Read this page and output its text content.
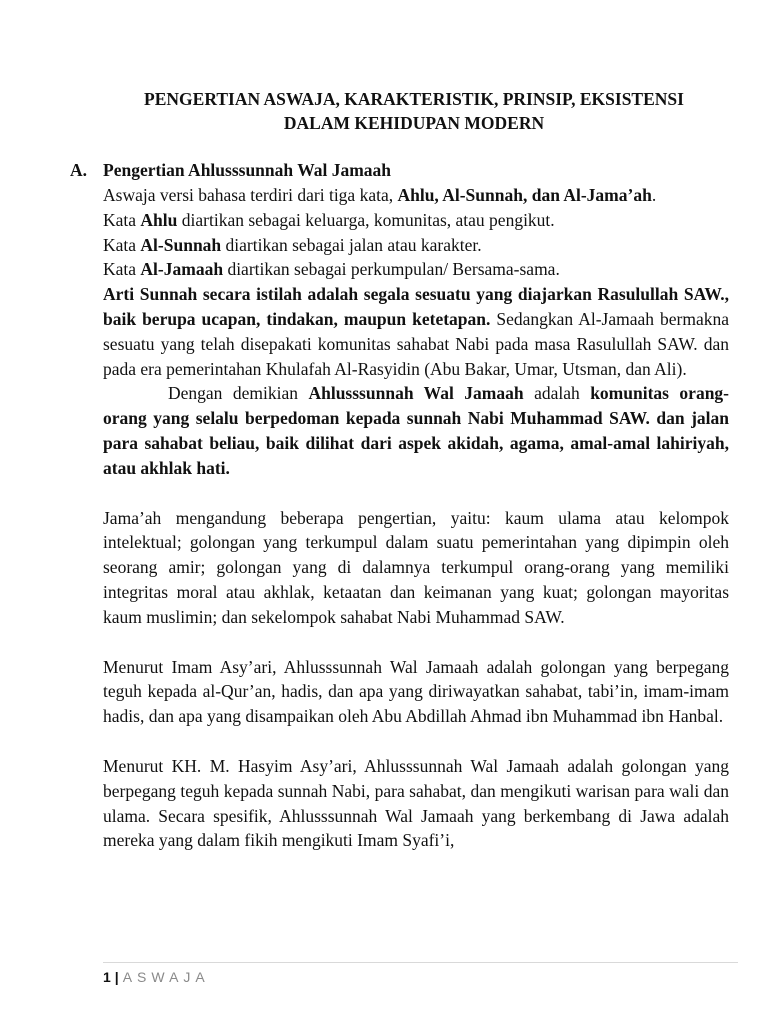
PENGERTIAN ASWAJA, KARAKTERISTIK, PRINSIP, EKSISTENSI
DALAM KEHIDUPAN MODERN
A. Pengertian Ahlusssunnah Wal Jamaah

Aswaja versi bahasa terdiri dari tiga kata, Ahlu, Al-Sunnah, dan Al-Jama’ah.

Kata Ahlu diartikan sebagai keluarga, komunitas, atau pengikut.

Kata Al-Sunnah diartikan sebagai jalan atau karakter.

Kata Al-Jamaah diartikan sebagai perkumpulan/ Bersama-sama.

Arti Sunnah secara istilah adalah segala sesuatu yang diajarkan Rasulullah SAW., baik berupa ucapan, tindakan, maupun ketetapan. Sedangkan Al-Jamaah bermakna sesuatu yang telah disepakati komunitas sahabat Nabi pada masa Rasulullah SAW. dan pada era pemerintahan Khulafah Al-Rasyidin (Abu Bakar, Umar, Utsman, dan Ali).

Dengan demikian Ahlusssunnah Wal Jamaah adalah komunitas orang-orang yang selalu berpedoman kepada sunnah Nabi Muhammad SAW. dan jalan para sahabat beliau, baik dilihat dari aspek akidah, agama, amal-amal lahiriyah, atau akhlak hati.

Jama’ah mengandung beberapa pengertian, yaitu: kaum ulama atau kelompok intelektual; golongan yang terkumpul dalam suatu pemerintahan yang dipimpin oleh seorang amir; golongan yang di dalamnya terkumpul orang-orang yang memiliki integritas moral atau akhlak, ketaatan dan keimanan yang kuat; golongan mayoritas kaum muslimin; dan sekelompok sahabat Nabi Muhammad SAW.

Menurut Imam Asy’ari, Ahlusssunnah Wal Jamaah adalah golongan yang berpegang teguh kepada al-Qur’an, hadis, dan apa yang diriwayatkan sahabat, tabi’in, imam-imam hadis, dan apa yang disampaikan oleh Abu Abdillah Ahmad ibn Muhammad ibn Hanbal.

Menurut KH. M. Hasyim Asy’ari, Ahlusssunnah Wal Jamaah adalah golongan yang berpegang teguh kepada sunnah Nabi, para sahabat, dan mengikuti warisan para wali dan ulama. Secara spesifik, Ahlusssunnah Wal Jamaah yang berkembang di Jawa adalah mereka yang dalam fikih mengikuti Imam Syafi’i,

1 | ASWAJA
